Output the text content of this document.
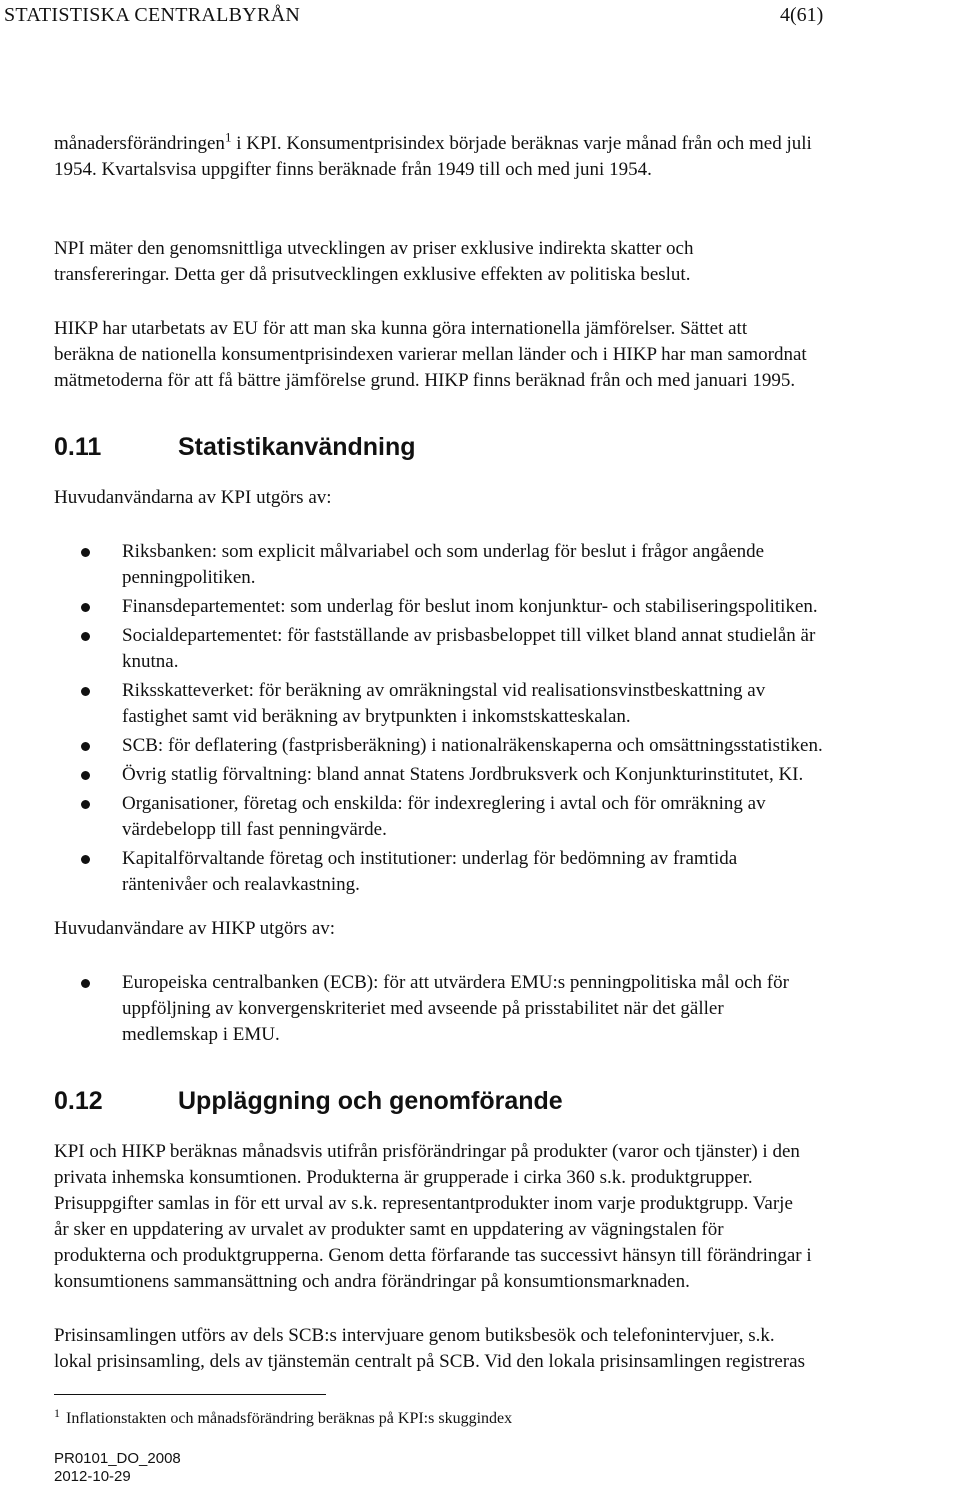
STATISTISKA CENTRALBYRÅN	4(61)
månadersförändringen$^1$ i KPI. Konsumentprisindex började beräknas varje månad från och med juli
1954. Kvartalsvisa uppgifter finns beräknade från 1949 till och med juni 1954.
NPI mäter den genomsnittliga utvecklingen av priser exklusive indirekta skatter och
transfereringar. Detta ger då prisutvecklingen exklusive effekten av politiska beslut.
HIKP har utarbetats av EU för att man ska kunna göra internationella jämförelser. Sättet att
beräkna de nationella konsumentprisindexen varierar mellan länder och i HIKP har man samordnat
mätmetoderna för att få bättre jämförelse grund. HIKP finns beräknad från och med januari 1995.
0.11	Statistikanvändning
Huvudanvändarna av KPI utgörs av:
Riksbanken: som explicit målvariabel och som underlag för beslut i frågor angående
penningpolitiken.
Finansdepartementet: som underlag för beslut inom konjunktur- och stabiliseringspolitiken.
Socialdepartementet: för fastställande av prisbasbeloppet till vilket bland annat studielån är
knutna.
Riksskatteverket: för beräkning av omräkningstal vid realisationsvinstbeskattning av
fastighet samt vid beräkning av brytpunkten i inkomstskatteskalan.
SCB: för deflatering (fastprisberäkning) i nationalräkenskaperna och omsättningsstatistiken.
Övrig statlig förvaltning: bland annat Statens Jordbruksverk och Konjunkturinstitutet, KI.
Organisationer, företag och enskilda: för indexreglering i avtal och för omräkning av
värdebelopp till fast penningvärde.
Kapitalförvaltande företag och institutioner: underlag för bedömning av framtida
räntenivåer och realavkastning.
Huvudanvändare av HIKP utgörs av:
Europeiska centralbanken (ECB): för att utvärdera EMU:s penningpolitiska mål och för
uppföljning av konvergenskriteriet med avseende på prisstabilitet när det gäller
medlemskap i EMU.
0.12	Uppläggning och genomförande
KPI och HIKP beräknas månadsvis utifrån prisförändringar på produkter (varor och tjänster) i den
privata inhemska konsumtionen. Produkterna är grupperade i cirka 360 s.k. produktgrupper.
Prisuppgifter samlas in för ett urval av s.k. representantprodukter inom varje produktgrupp. Varje
år sker en uppdatering av urvalet av produkter samt en uppdatering av vägningstalen för
produkterna och produktgrupperna. Genom detta förfarande tas successivt hänsyn till förändringar i
konsumtionens sammansättning och andra förändringar på konsumtionsmarknaden.
Prisinsamlingen utförs av dels SCB:s intervjuare genom butiksbesök och telefonintervjuer, s.k.
lokal prisinsamling, dels av tjänstemän centralt på SCB. Vid den lokala prisinsamlingen registreras
$^1$ Inflationstakten och månadsförändring beräknas på KPI:s skuggindex
PR0101_DO_2008
2012-10-29
